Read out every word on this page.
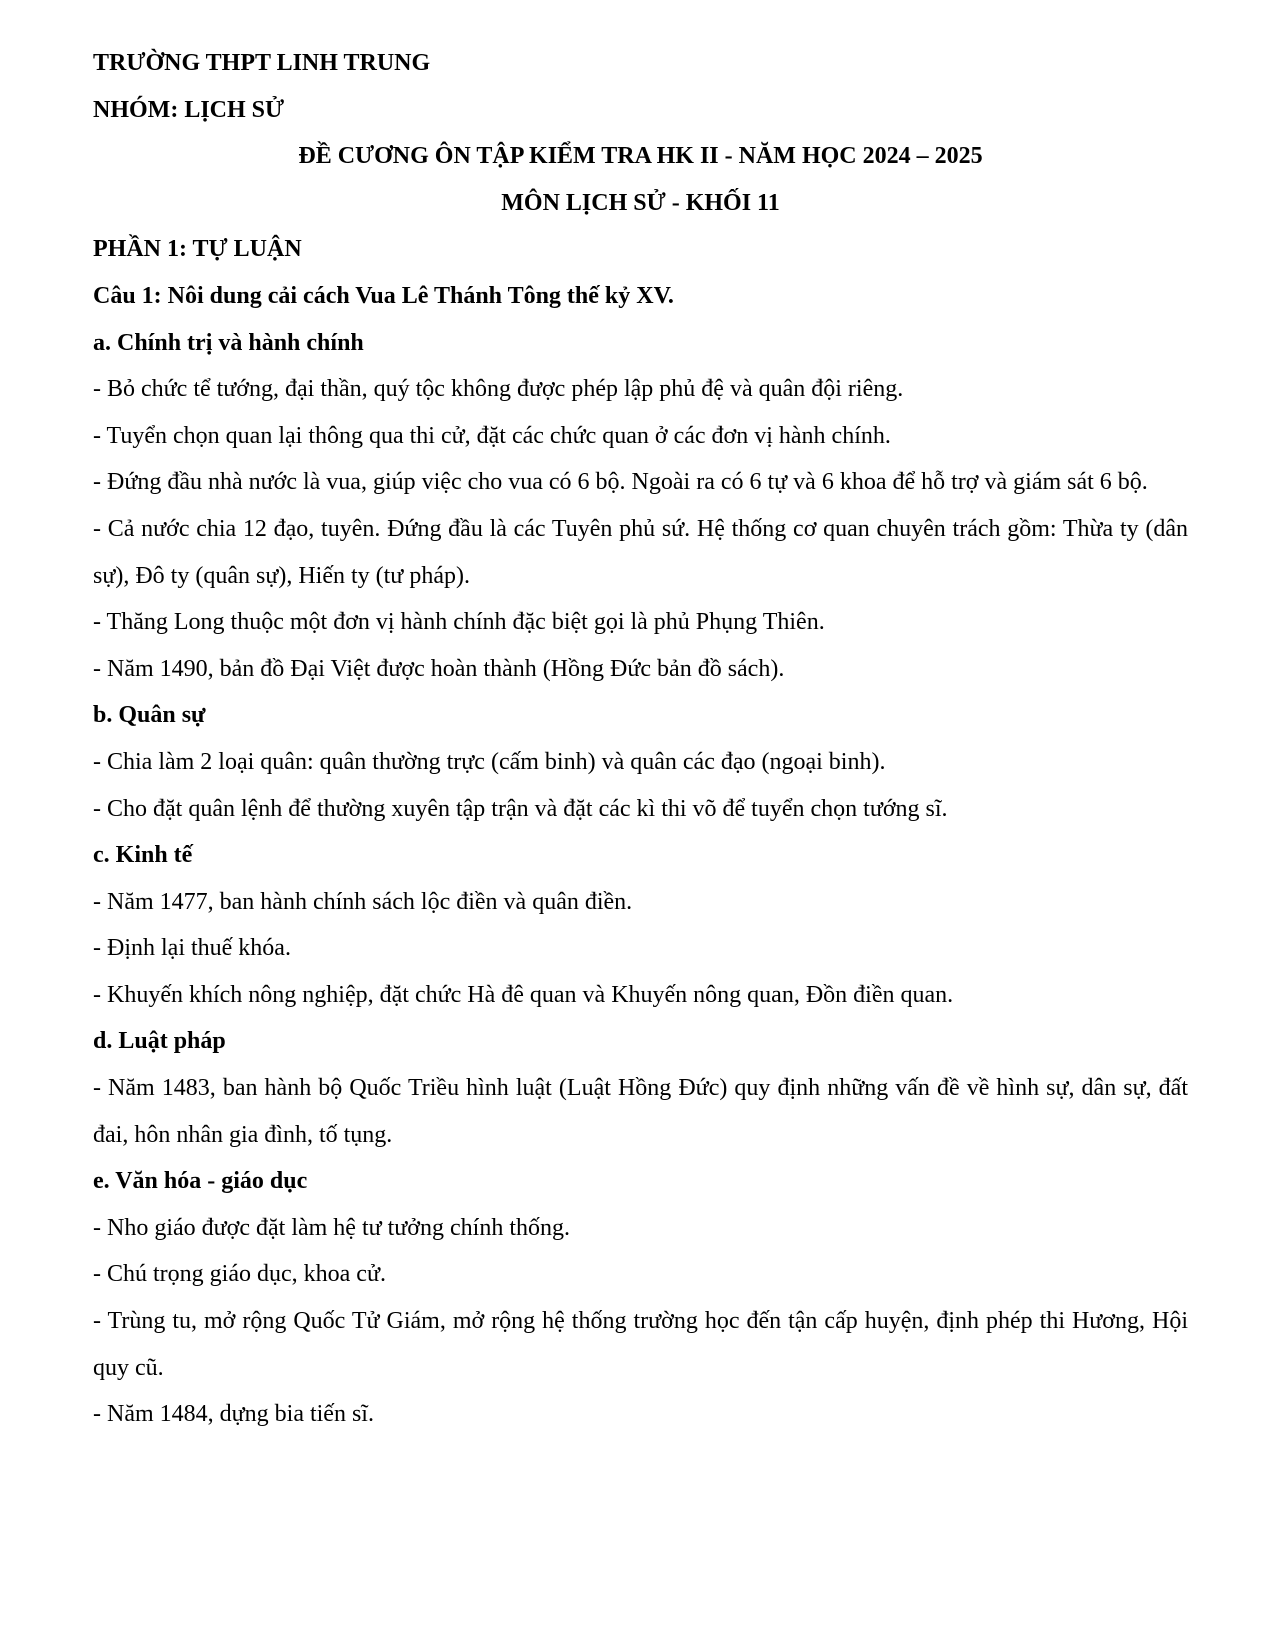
TRƯỜNG THPT LINH TRUNG
NHÓM: LỊCH SỬ
ĐỀ CƯƠNG ÔN TẬP KIỂM TRA HK II - NĂM HỌC 2024 – 2025
MÔN LỊCH SỬ - KHỐI 11
PHẦN 1: TỰ LUẬN
Câu 1: Nôi dung cải cách Vua Lê Thánh Tông thế kỷ XV.
a. Chính trị và hành chính

- Bỏ chức tể tướng, đại thần, quý tộc không được phép lập phủ đệ và quân đội riêng.

- Tuyển chọn quan lại thông qua thi cử, đặt các chức quan ở các đơn vị hành chính.

- Đứng đầu nhà nước là vua, giúp việc cho vua có 6 bộ. Ngoài ra có 6 tự và 6 khoa để hỗ trợ và giám sát 6 bộ.

- Cả nước chia 12 đạo, tuyên. Đứng đầu là các Tuyên phủ sứ. Hệ thống cơ quan chuyên trách gồm: Thừa ty (dân sự), Đô ty (quân sự), Hiến ty (tư pháp).

- Thăng Long thuộc một đơn vị hành chính đặc biệt gọi là phủ Phụng Thiên.

- Năm 1490, bản đồ Đại Việt được hoàn thành (Hồng Đức bản đồ sách).

b. Quân sự

- Chia làm 2 loại quân: quân thường trực (cấm binh) và quân các đạo (ngoại binh).

- Cho đặt quân lệnh để thường xuyên tập trận và đặt các kì thi võ để tuyển chọn tướng sĩ.

c. Kinh tế

- Năm 1477, ban hành chính sách lộc điền và quân điền.

- Định lại thuế khóa.

- Khuyến khích nông nghiệp, đặt chức Hà đê quan và Khuyến nông quan, Đồn điền quan.

d. Luật pháp

- Năm 1483, ban hành bộ Quốc Triều hình luật (Luật Hồng Đức) quy định những vấn đề về hình sự, dân sự, đất đai, hôn nhân gia đình, tố tụng.

e. Văn hóa - giáo dục

- Nho giáo được đặt làm hệ tư tưởng chính thống.

- Chú trọng giáo dục, khoa cử.

- Trùng tu, mở rộng Quốc Tử Giám, mở rộng hệ thống trường học đến tận cấp huyện, định phép thi Hương, Hội quy cũ.

- Năm 1484, dựng bia tiến sĩ.
